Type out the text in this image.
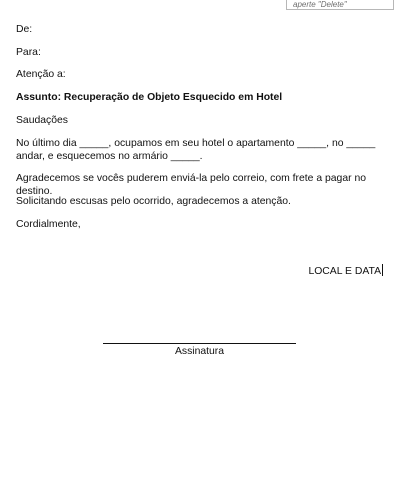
aperte "Delete"
De:
Para:
Atenção a:
Assunto: Recuperação de Objeto Esquecido em Hotel
Saudações
No último dia _____, ocupamos em seu hotel o apartamento _____, no _____ andar, e esquecemos no armário _____.
Agradecemos se vocês puderem enviá-la pelo correio, com frete a pagar no destino.
Solicitando escusas pelo ocorrido, agradecemos a atenção.
Cordialmente,
LOCAL E DATA
Assinatura
